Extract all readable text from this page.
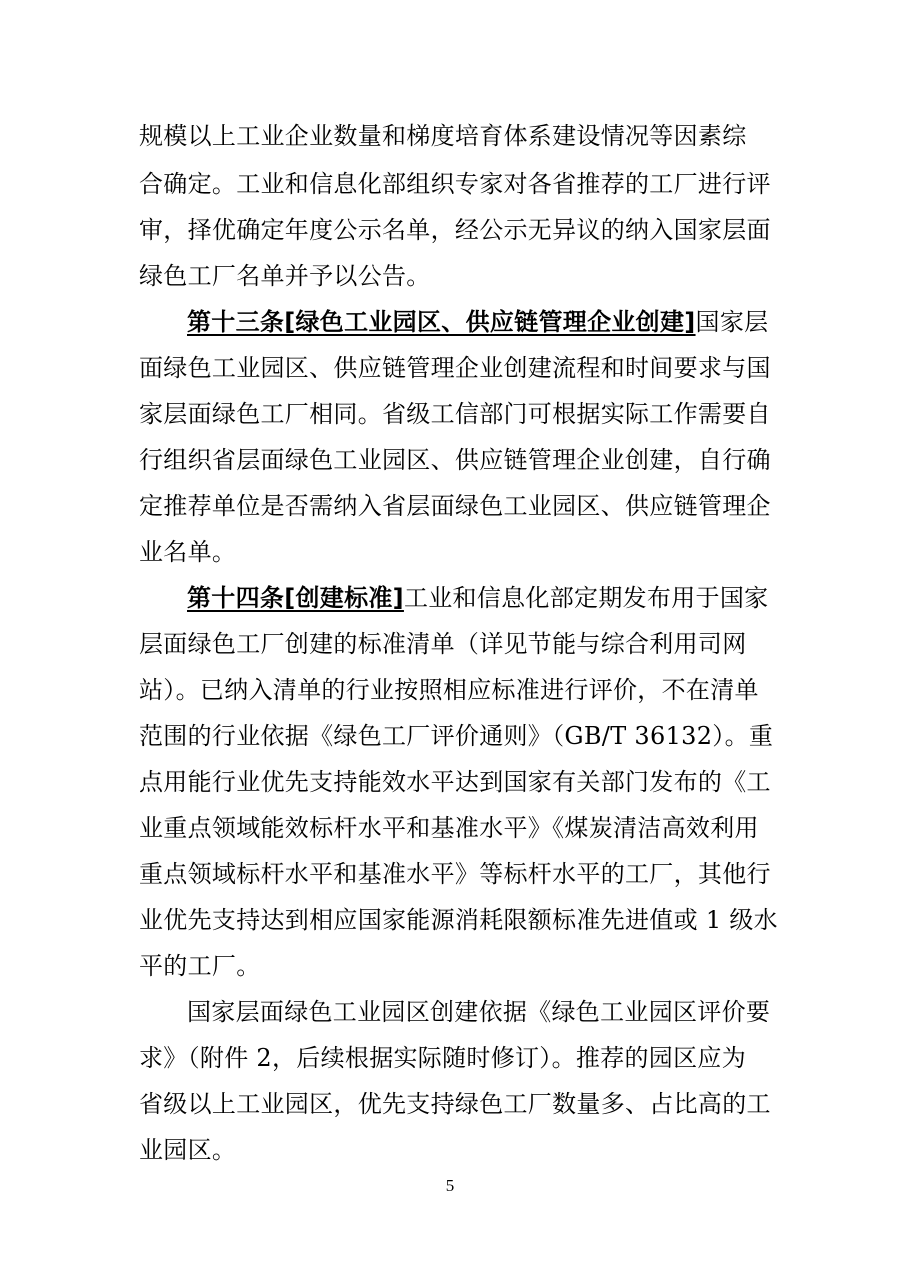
规模以上工业企业数量和梯度培育体系建设情况等因素综
合确定。工业和信息化部组织专家对各省推荐的工厂进行评
审，择优确定年度公示名单，经公示无异议的纳入国家层面
绿色工厂名单并予以公告。
第十三条[绿色工业园区、供应链管理企业创建]国家层
面绿色工业园区、供应链管理企业创建流程和时间要求与国
家层面绿色工厂相同。省级工信部门可根据实际工作需要自
行组织省层面绿色工业园区、供应链管理企业创建，自行确
定推荐单位是否需纳入省层面绿色工业园区、供应链管理企
业名单。
第十四条[创建标准]工业和信息化部定期发布用于国家
层面绿色工厂创建的标准清单（详见节能与综合利用司网
站）。已纳入清单的行业按照相应标准进行评价，不在清单
范围的行业依据《绿色工厂评价通则》（GB/T 36132）。重
点用能行业优先支持能效水平达到国家有关部门发布的《工
业重点领域能效标杆水平和基准水平》《煤炭清洁高效利用
重点领域标杆水平和基准水平》等标杆水平的工厂，其他行
业优先支持达到相应国家能源消耗限额标准先进值或 1 级水
平的工厂。
国家层面绿色工业园区创建依据《绿色工业园区评价要
求》（附件 2，后续根据实际随时修订）。推荐的园区应为
省级以上工业园区，优先支持绿色工厂数量多、占比高的工
业园区。
5
